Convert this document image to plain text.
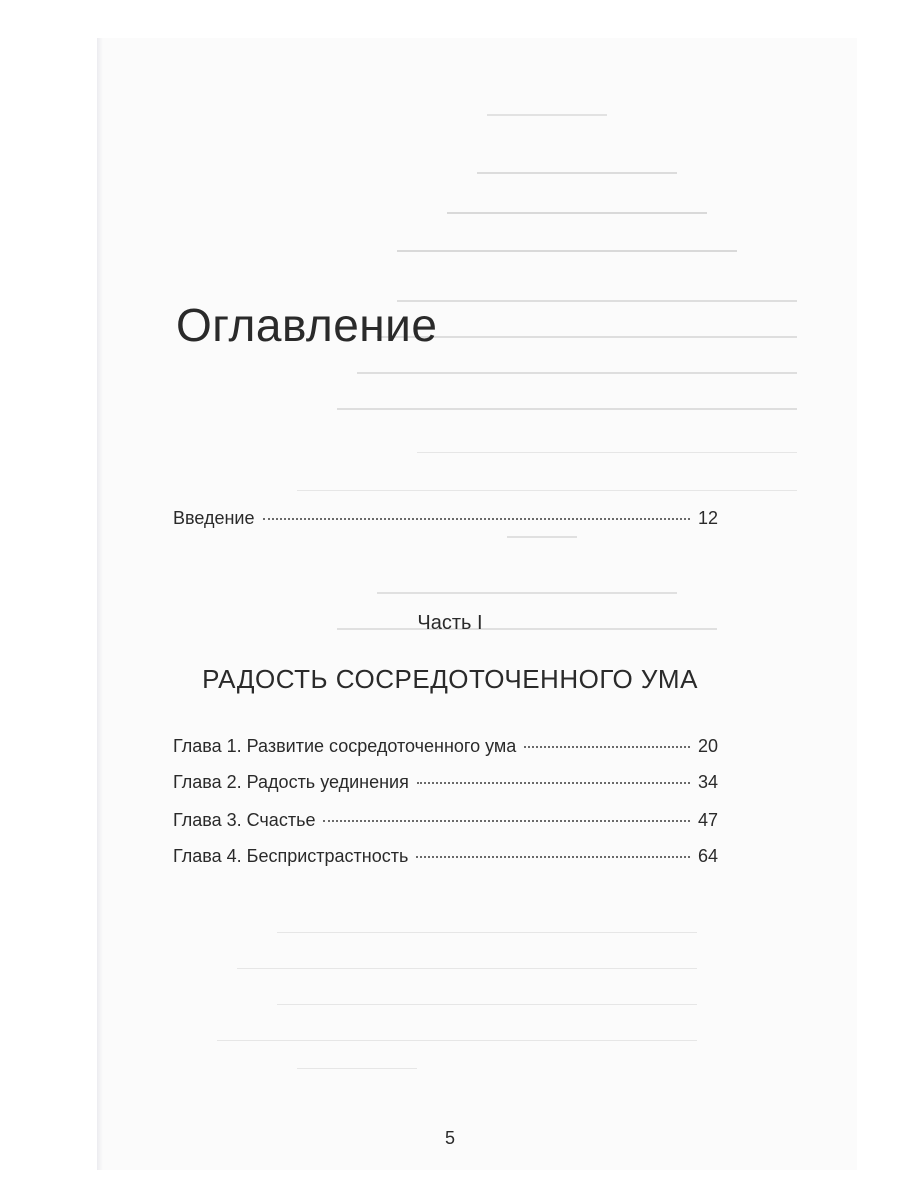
Оглавление
Введение	12
Часть I
РАДОСТЬ СОСРЕДОТОЧЕННОГО УМА
Глава 1. Развитие сосредоточенного ума	20
Глава 2. Радость уединения	34
Глава 3. Счастье	47
Глава 4. Беспристрастность	64
5
